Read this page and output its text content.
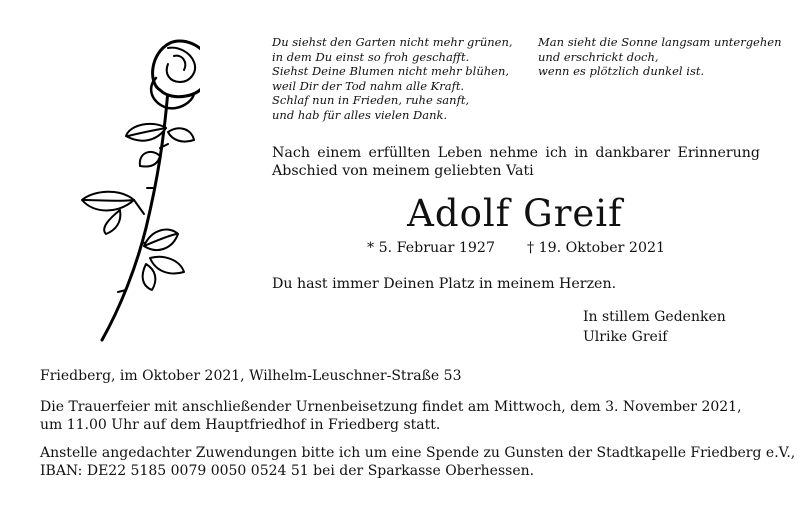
Du siehst den Garten nicht mehr grünen,
in dem Du einst so froh geschafft.
Siehst Deine Blumen nicht mehr blühen,
weil Dir der Tod nahm alle Kraft.
Schlaf nun in Frieden, ruhe sanft,
und hab für alles vielen Dank.
Man sieht die Sonne langsam untergehen
und erschrickt doch,
wenn es plötzlich dunkel ist.
Nach einem erfüllten Leben nehme ich in dankbarer Erinnerung Abschied von meinem geliebten Vati
Adolf Greif
* 5. Februar 1927 † 19. Oktober 2021
Du hast immer Deinen Platz in meinem Herzen.
In stillem Gedenken
Ulrike Greif
Friedberg, im Oktober 2021, Wilhelm-Leuschner-Straße 53
Die Trauerfeier mit anschließender Urnenbeisetzung findet am Mittwoch, dem 3. November 2021,
um 11.00 Uhr auf dem Hauptfriedhof in Friedberg statt.
Anstelle angedachter Zuwendungen bitte ich um eine Spende zu Gunsten der Stadtkapelle Friedberg e.V.,
IBAN: DE22 5185 0079 0050 0524 51 bei der Sparkasse Oberhessen.
